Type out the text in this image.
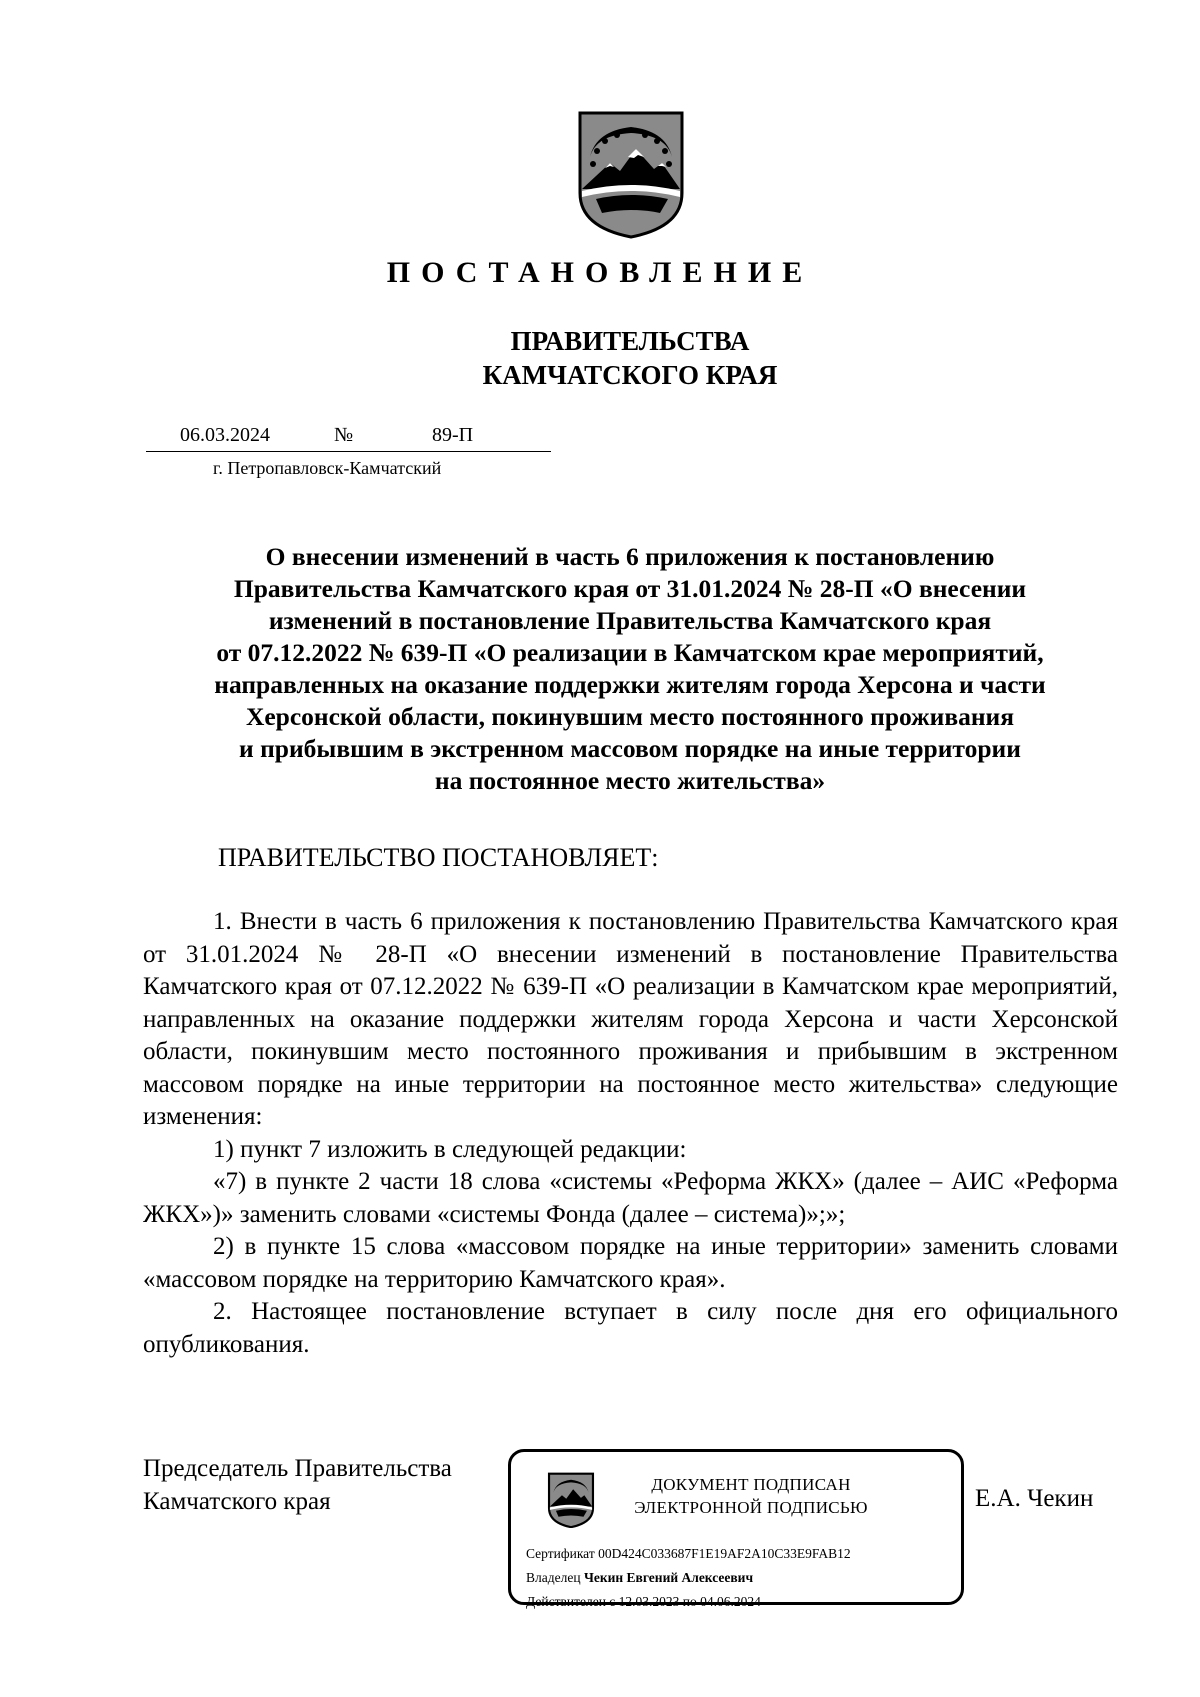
ПОСТАНОВЛЕНИЕ
ПРАВИТЕЛЬСТВА
КАМЧАТСКОГО КРАЯ
06.03.2024	№	89-П
г. Петропавловск-Камчатский
О внесении изменений в часть 6 приложения к постановлению
Правительства Камчатского края от 31.01.2024 № 28-П «О внесении
изменений в постановление Правительства Камчатского края
от 07.12.2022 № 639-П «О реализации в Камчатском крае мероприятий,
направленных на оказание поддержки жителям города Херсона и части
Херсонской области, покинувшим место постоянного проживания
и прибывшим в экстренном массовом порядке на иные территории
на постоянное место жительства»
ПРАВИТЕЛЬСТВО ПОСТАНОВЛЯЕТ:

1. Внести в часть 6 приложения к постановлению Правительства Камчатского края от 31.01.2024 № 28-П «О внесении изменений в постановление Правительства Камчатского края от 07.12.2022 № 639-П «О реализации в Камчатском крае мероприятий, направленных на оказание поддержки жителям города Херсона и части Херсонской области, покинувшим место постоянного проживания и прибывшим в экстренном массовом порядке на иные территории на постоянное место жительства» следующие изменения:

1) пункт 7 изложить в следующей редакции:

«7) в пункте 2 части 18 слова «системы «Реформа ЖКХ» (далее – АИС «Реформа ЖКХ»)» заменить словами «системы Фонда (далее – система)»;»;

2) в пункте 15 слова «массовом порядке на иные территории» заменить словами «массовом порядке на территорию Камчатского края».

2. Настоящее постановление вступает в силу после дня его официального опубликования.

Председатель Правительства
Камчатского края
ДОКУМЕНТ ПОДПИСАН
ЭЛЕКТРОННОЙ ПОДПИСЬЮ
Сертификат 00D424C033687F1E19AF2A10C33E9FAB12
Владелец Чекин Евгений Алексеевич
Действителен с 12.03.2023 по 04.06.2024
Е.А. Чекин
